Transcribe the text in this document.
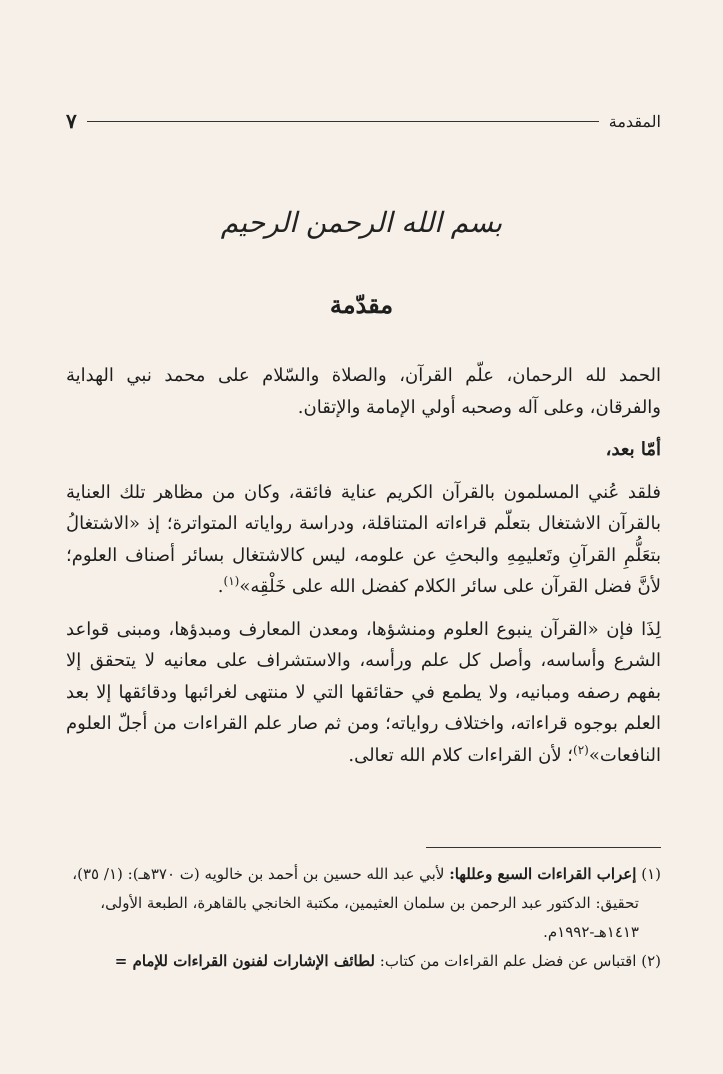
المقدمة
٧
بسم الله الرحمن الرحيم
مقدّمة

الحمد لله الرحمان، علّم القرآن، والصلاة والسّلام على محمد نبي الهداية والفرقان، وعلى آله وصحبه أولي الإمامة والإتقان.

أمّا بعد،

فلقد عُني المسلمون بالقرآن الكريم عناية فائقة، وكان من مظاهر تلك العناية بالقرآن الاشتغال بتعلّم قراءاته المتناقلة، ودراسة رواياته المتواترة؛ إذ «الاشتغالُ بتعَلُّمِ القرآنِ وتَعليمِهِ والبحثِ عن علومه، ليس كالاشتغال بسائر أصناف العلوم؛ لأنَّ فضل القرآن على سائر الكلام كفضل الله على خَلْقِه»$^{(١)}$.

لِذَا فإن «القرآن ينبوع العلوم ومنشؤها، ومعدن المعارف ومبدؤها، ومبنى قواعد الشرع وأساسه، وأصل كل علم ورأسه، والاستشراف على معانيه لا يتحقق إلا بفهم رصفه ومبانيه، ولا يطمع في حقائقها التي لا منتهى لغرائبها ودقائقها إلا بعد العلم بوجوه قراءاته، واختلاف رواياته؛ ومن ثم صار علم القراءات من أجلّ العلوم النافعات»$^{(٢)}$؛ لأن القراءات كلام الله تعالى.

(١) إعراب القراءات السبع وعللها: لأبي عبد الله حسين بن أحمد بن خالويه (ت ٣٧٠هـ): (١/ ٣٥)،

تحقيق: الدكتور عبد الرحمن بن سلمان العثيمين، مكتبة الخانجي بالقاهرة، الطبعة الأولى،

١٤١٣هـ-١٩٩٢م.

(٢) اقتباس عن فضل علم القراءات من كتاب: لطائف الإشارات لفنون القراءات للإمام =
